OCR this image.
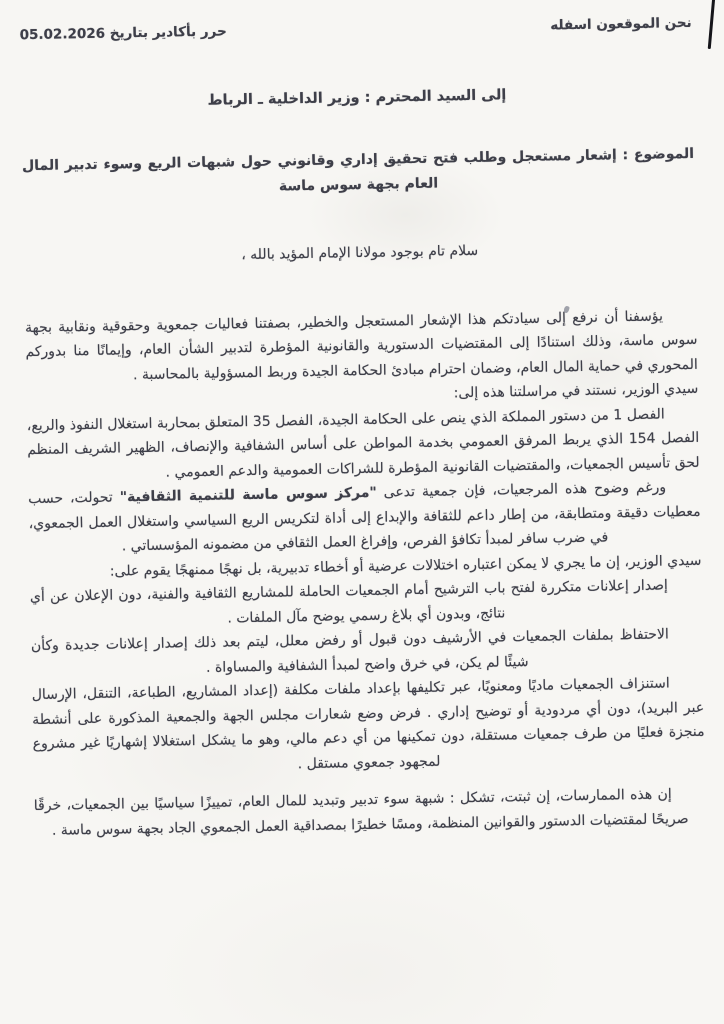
نحن الموقعون اسفله
حرر بأكادير بتاريخ 05.02.2026

إلى السيد المحترم : وزير الداخلية ـ الرباط

الموضوع : إشعار مستعجل وطلب فتح تحقيق إداري وقانوني حول شبهات الريع وسوء تدبير المال العام بجهة سوس ماسة

سلام تام بوجود مولانا الإمام المؤيد بالله ،

يؤسفنا أن نرفع إلى سيادتكم هذا الإشعار المستعجل والخطير، بصفتنا فعاليات جمعوية وحقوقية ونقابية بجهة سوس ماسة، وذلك استنادًا إلى المقتضيات الدستورية والقانونية المؤطرة لتدبير الشأن العام، وإيمانًا منا بدوركم المحوري في حماية المال العام، وضمان احترام مبادئ الحكامة الجيدة وربط المسؤولية بالمحاسبة .

سيدي الوزير، نستند في مراسلتنا هذه إلى:

الفصل 1 من دستور المملكة الذي ينص على الحكامة الجيدة، الفصل 35 المتعلق بمحاربة استغلال النفوذ والريع، الفصل 154 الذي يربط المرفق العمومي بخدمة المواطن على أساس الشفافية والإنصاف، الظهير الشريف المنظم لحق تأسيس الجمعيات، والمقتضيات القانونية المؤطرة للشراكات العمومية والدعم العمومي .

ورغم وضوح هذه المرجعيات، فإن جمعية تدعى "مركز سوس ماسة للتنمية الثقافية" تحولت، حسب معطيات دقيقة ومتطابقة، من إطار داعم للثقافة والإبداع إلى أداة لتكريس الريع السياسي واستغلال العمل الجمعوي، في ضرب سافر لمبدأ تكافؤ الفرص، وإفراغ العمل الثقافي من مضمونه المؤسساتي .

سيدي الوزير، إن ما يجري لا يمكن اعتباره اختلالات عرضية أو أخطاء تدبيرية، بل نهجًا ممنهجًا يقوم على:

إصدار إعلانات متكررة لفتح باب الترشيح أمام الجمعيات الحاملة للمشاريع الثقافية والفنية، دون الإعلان عن أي نتائج، وبدون أي بلاغ رسمي يوضح مآل الملفات .

الاحتفاظ بملفات الجمعيات في الأرشيف دون قبول أو رفض معلل، ليتم بعد ذلك إصدار إعلانات جديدة وكأن شيئًا لم يكن، في خرق واضح لمبدأ الشفافية والمساواة .

استنزاف الجمعيات ماديًا ومعنويًا، عبر تكليفها بإعداد ملفات مكلفة (إعداد المشاريع، الطباعة، التنقل، الإرسال عبر البريد)، دون أي مردودية أو توضيح إداري . فرض وضع شعارات مجلس الجهة والجمعية المذكورة على أنشطة منجزة فعليًا من طرف جمعيات مستقلة، دون تمكينها من أي دعم مالي، وهو ما يشكل استغلالا إشهاريًا غير مشروع لمجهود جمعوي مستقل .

إن هذه الممارسات، إن ثبتت، تشكل : شبهة سوء تدبير وتبديد للمال العام، تمييزًا سياسيًا بين الجمعيات، خرقًا صريحًا لمقتضيات الدستور والقوانين المنظمة، ومسًا خطيرًا بمصداقية العمل الجمعوي الجاد بجهة سوس ماسة .
